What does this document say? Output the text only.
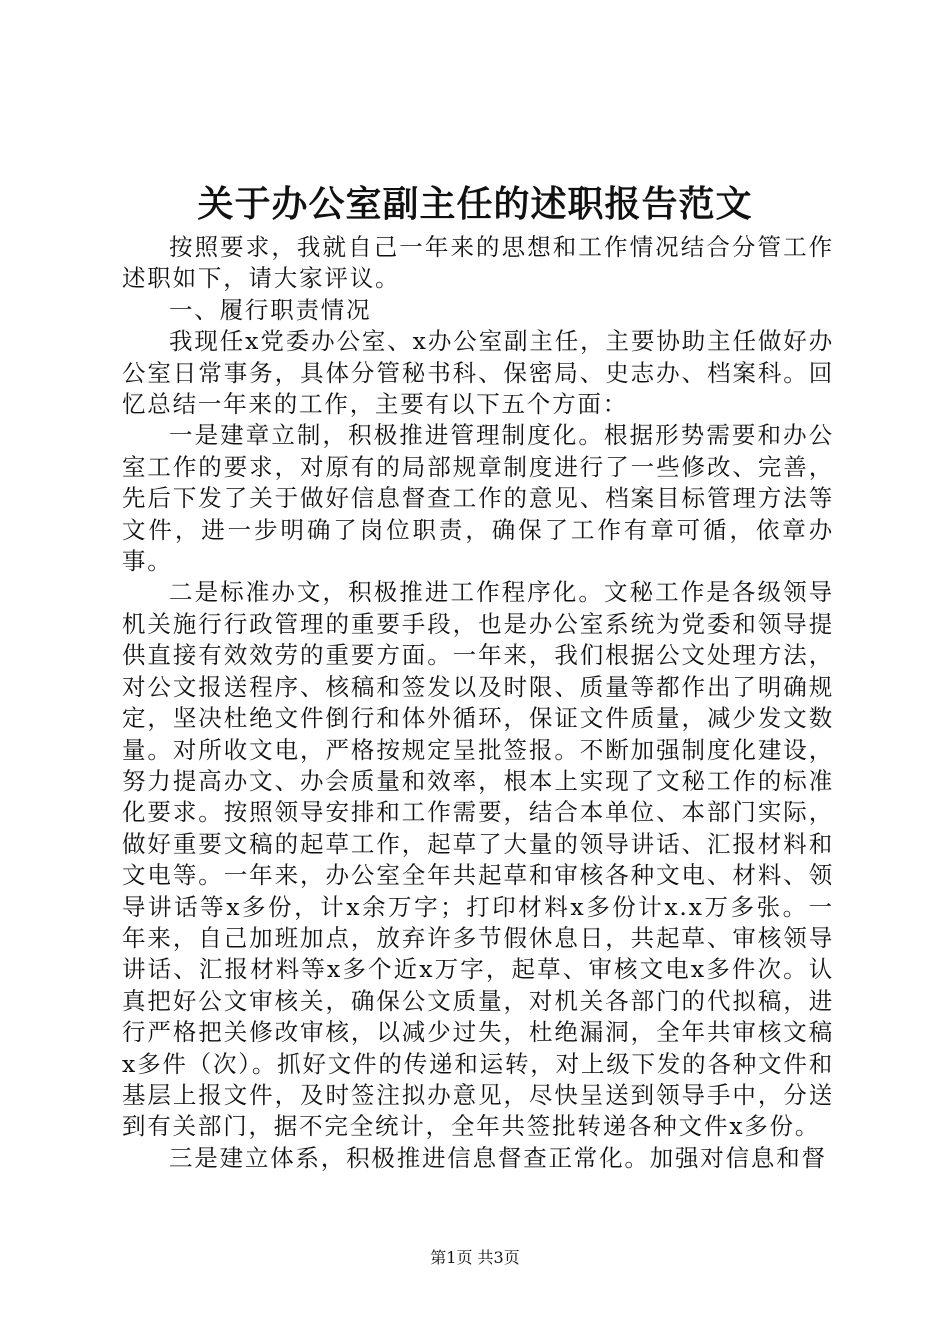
关于办公室副主任的述职报告范文

按照要求，我就自己一年来的思想和工作情况结合分管工作述职如下，请大家评议。

一、履行职责情况

我现任x党委办公室、x办公室副主任，主要协助主任做好办公室日常事务，具体分管秘书科、保密局、史志办、档案科。回忆总结一年来的工作，主要有以下五个方面：

一是建章立制，积极推进管理制度化。根据形势需要和办公室工作的要求，对原有的局部规章制度进行了一些修改、完善，先后下发了关于做好信息督查工作的意见、档案目标管理方法等文件，进一步明确了岗位职责，确保了工作有章可循，依章办事。

二是标准办文，积极推进工作程序化。文秘工作是各级领导机关施行行政管理的重要手段，也是办公室系统为党委和领导提供直接有效效劳的重要方面。一年来，我们根据公文处理方法，对公文报送程序、核稿和签发以及时限、质量等都作出了明确规定，坚决杜绝文件倒行和体外循环，保证文件质量，减少发文数量。对所收文电，严格按规定呈批签报。不断加强制度化建设，努力提高办文、办会质量和效率，根本上实现了文秘工作的标准化要求。按照领导安排和工作需要，结合本单位、本部门实际，做好重要文稿的起草工作，起草了大量的领导讲话、汇报材料和文电等。一年来，办公室全年共起草和审核各种文电、材料、领导讲话等x多份，计x余万字；打印材料x多份计x.x万多张。一年来，自己加班加点，放弃许多节假休息日，共起草、审核领导讲话、汇报材料等x多个近x万字，起草、审核文电x多件次。认真把好公文审核关，确保公文质量，对机关各部门的代拟稿，进行严格把关修改审核，以减少过失，杜绝漏洞，全年共审核文稿x多件（次）。抓好文件的传递和运转，对上级下发的各种文件和基层上报文件，及时签注拟办意见，尽快呈送到领导手中，分送到有关部门，据不完全统计，全年共签批转递各种文件x多份。

三是建立体系，积极推进信息督查正常化。加强对信息和督

第1页 共3页
